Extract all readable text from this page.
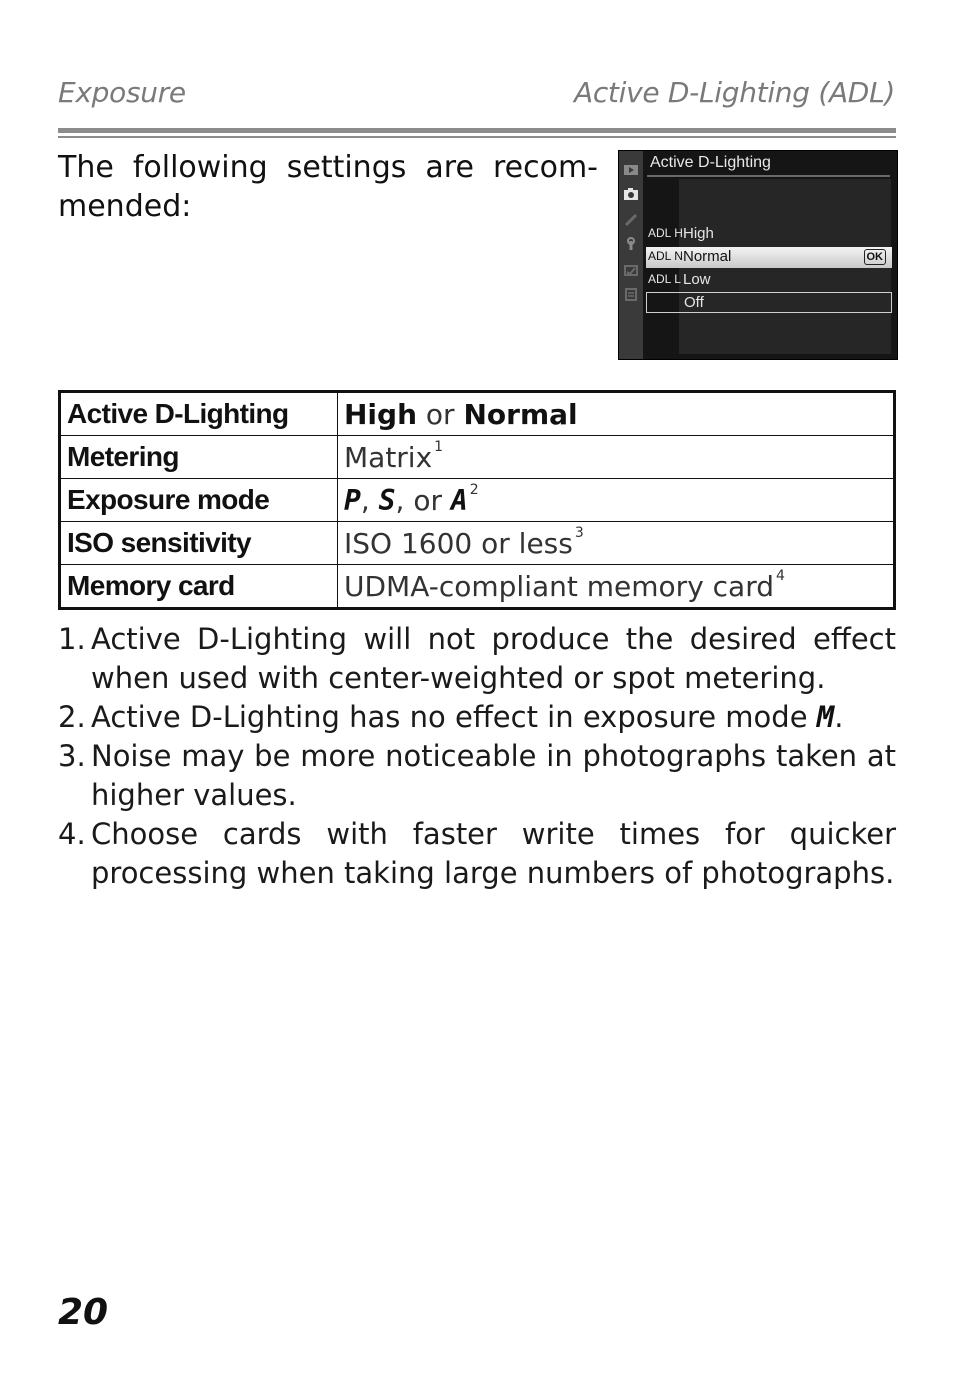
Exposure	Active D-Lighting (ADL)
The following settings are recom-mended:
Active D-Lighting
ADL H High
ADL N Normal	OK
ADL L Low
Off
Active D-Lighting	High or Normal
Metering	Matrix $^1$
Exposure mode	P, S, or A $^2$
ISO sensitivity	ISO 1600 or less $^3$
Memory card	UDMA-compliant memory card $^4$
1. Active D-Lighting will not produce the desired effect when used with center-weighted or spot metering.
2. Active D-Lighting has no effect in exposure mode M.
3. Noise may be more noticeable in photographs taken at higher values.
4. Choose cards with faster write times for quicker processing when taking large numbers of photographs.
20
